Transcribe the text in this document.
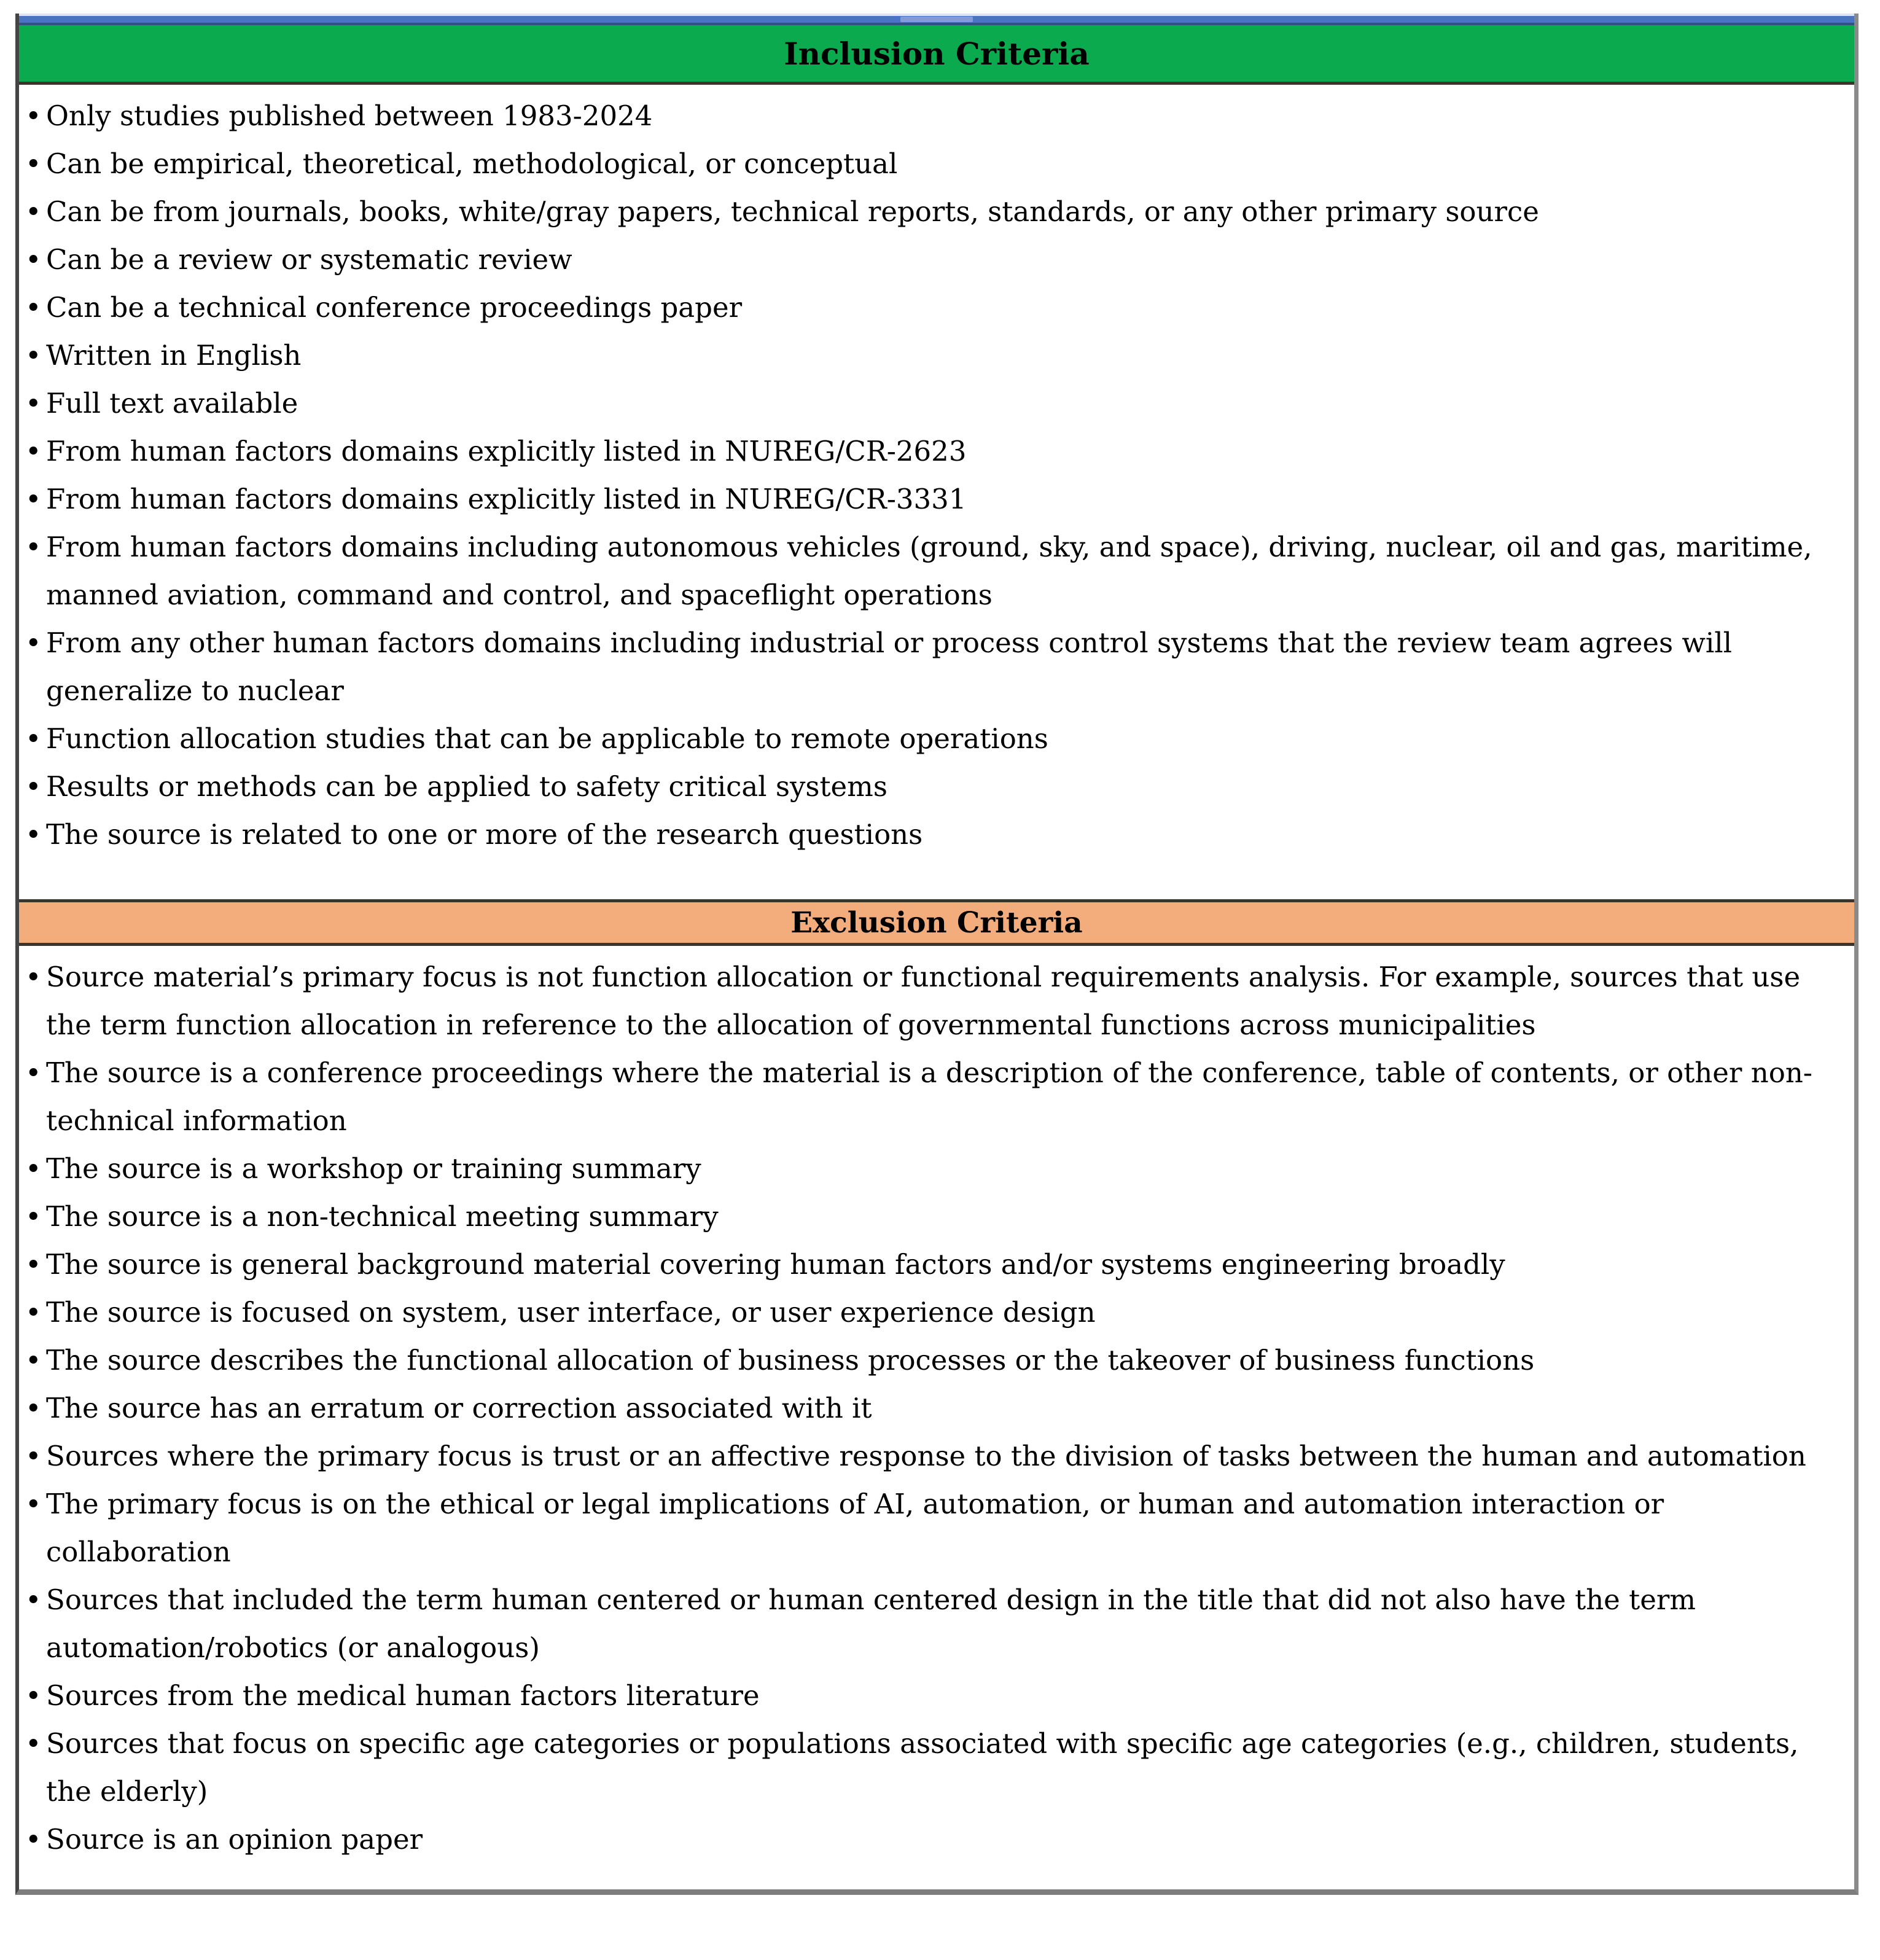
Inclusion Criteria
• Only studies published between 1983-2024
• Can be empirical, theoretical, methodological, or conceptual
• Can be from journals, books, white/gray papers, technical reports, standards, or any other primary source
• Can be a review or systematic review
• Can be a technical conference proceedings paper
• Written in English
• Full text available
• From human factors domains explicitly listed in NUREG/CR-2623
• From human factors domains explicitly listed in NUREG/CR-3331
• From human factors domains including autonomous vehicles (ground, sky, and space), driving, nuclear, oil and gas, maritime, manned aviation, command and control, and spaceflight operations
• From any other human factors domains including industrial or process control systems that the review team agrees will generalize to nuclear
• Function allocation studies that can be applicable to remote operations
• Results or methods can be applied to safety critical systems
• The source is related to one or more of the research questions
Exclusion Criteria
• Source material’s primary focus is not function allocation or functional requirements analysis. For example, sources that use the term function allocation in reference to the allocation of governmental functions across municipalities
• The source is a conference proceedings where the material is a description of the conference, table of contents, or other non-technical information
• The source is a workshop or training summary
• The source is a non-technical meeting summary
• The source is general background material covering human factors and/or systems engineering broadly
• The source is focused on system, user interface, or user experience design
• The source describes the functional allocation of business processes or the takeover of business functions
• The source has an erratum or correction associated with it
• Sources where the primary focus is trust or an affective response to the division of tasks between the human and automation
• The primary focus is on the ethical or legal implications of AI, automation, or human and automation interaction or collaboration
• Sources that included the term human centered or human centered design in the title that did not also have the term automation/robotics (or analogous)
• Sources from the medical human factors literature
• Sources that focus on specific age categories or populations associated with specific age categories (e.g., children, students, the elderly)
• Source is an opinion paper
